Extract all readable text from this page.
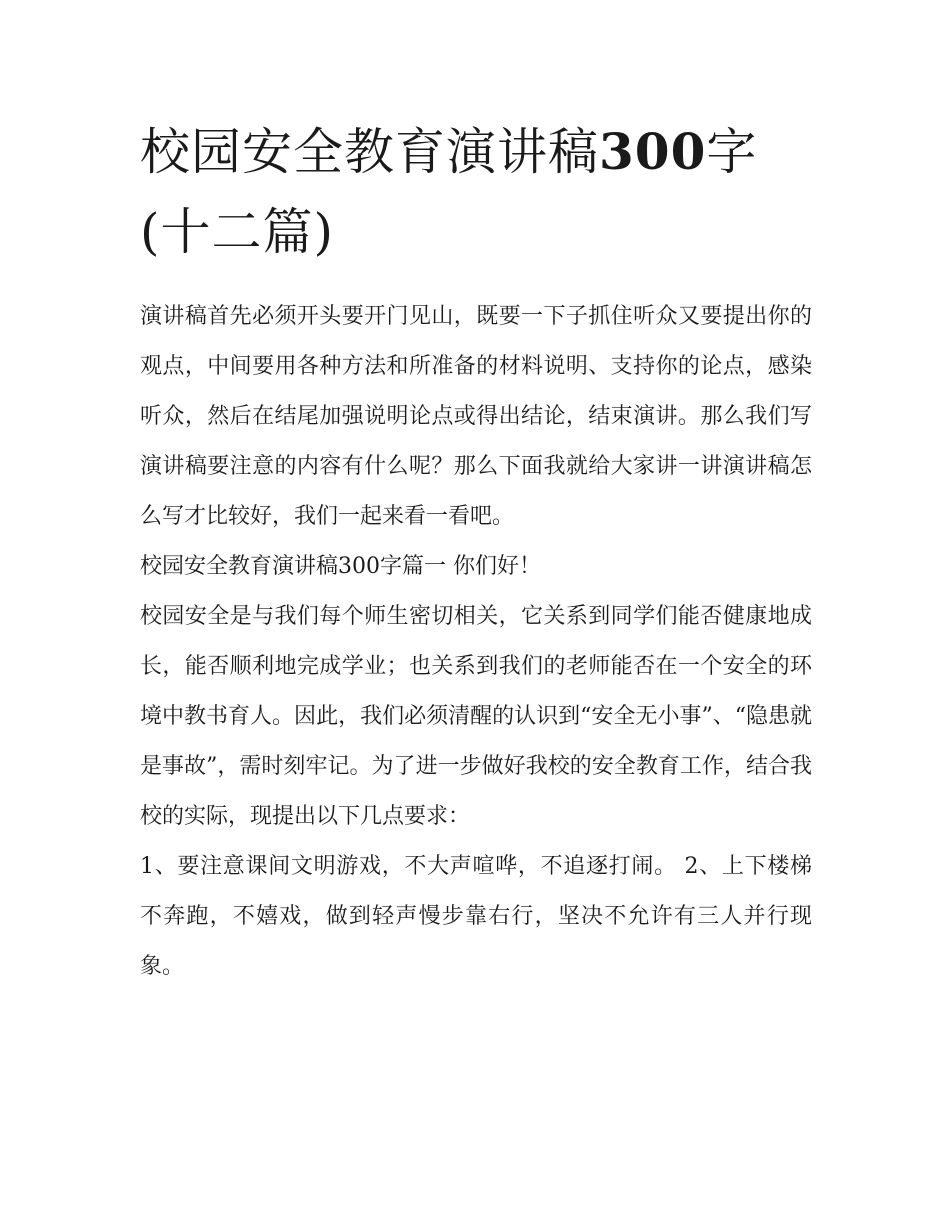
校园安全教育演讲稿300字(十二篇)

演讲稿首先必须开头要开门见山，既要一下子抓住听众又要提出你的观点，中间要用各种方法和所准备的材料说明、支持你的论点，感染听众，然后在结尾加强说明论点或得出结论，结束演讲。那么我们写演讲稿要注意的内容有什么呢？那么下面我就给大家讲一讲演讲稿怎么写才比较好，我们一起来看一看吧。

校园安全教育演讲稿300字篇一 你们好！

校园安全是与我们每个师生密切相关，它关系到同学们能否健康地成长，能否顺利地完成学业；也关系到我们的老师能否在一个安全的环境中教书育人。因此，我们必须清醒的认识到“安全无小事”、“隐患就是事故”，需时刻牢记。为了进一步做好我校的安全教育工作，结合我校的实际，现提出以下几点要求：

1、要注意课间文明游戏，不大声喧哗，不追逐打闹。 2、上下楼梯不奔跑，不嬉戏，做到轻声慢步靠右行，坚决不允许有三人并行现象。
